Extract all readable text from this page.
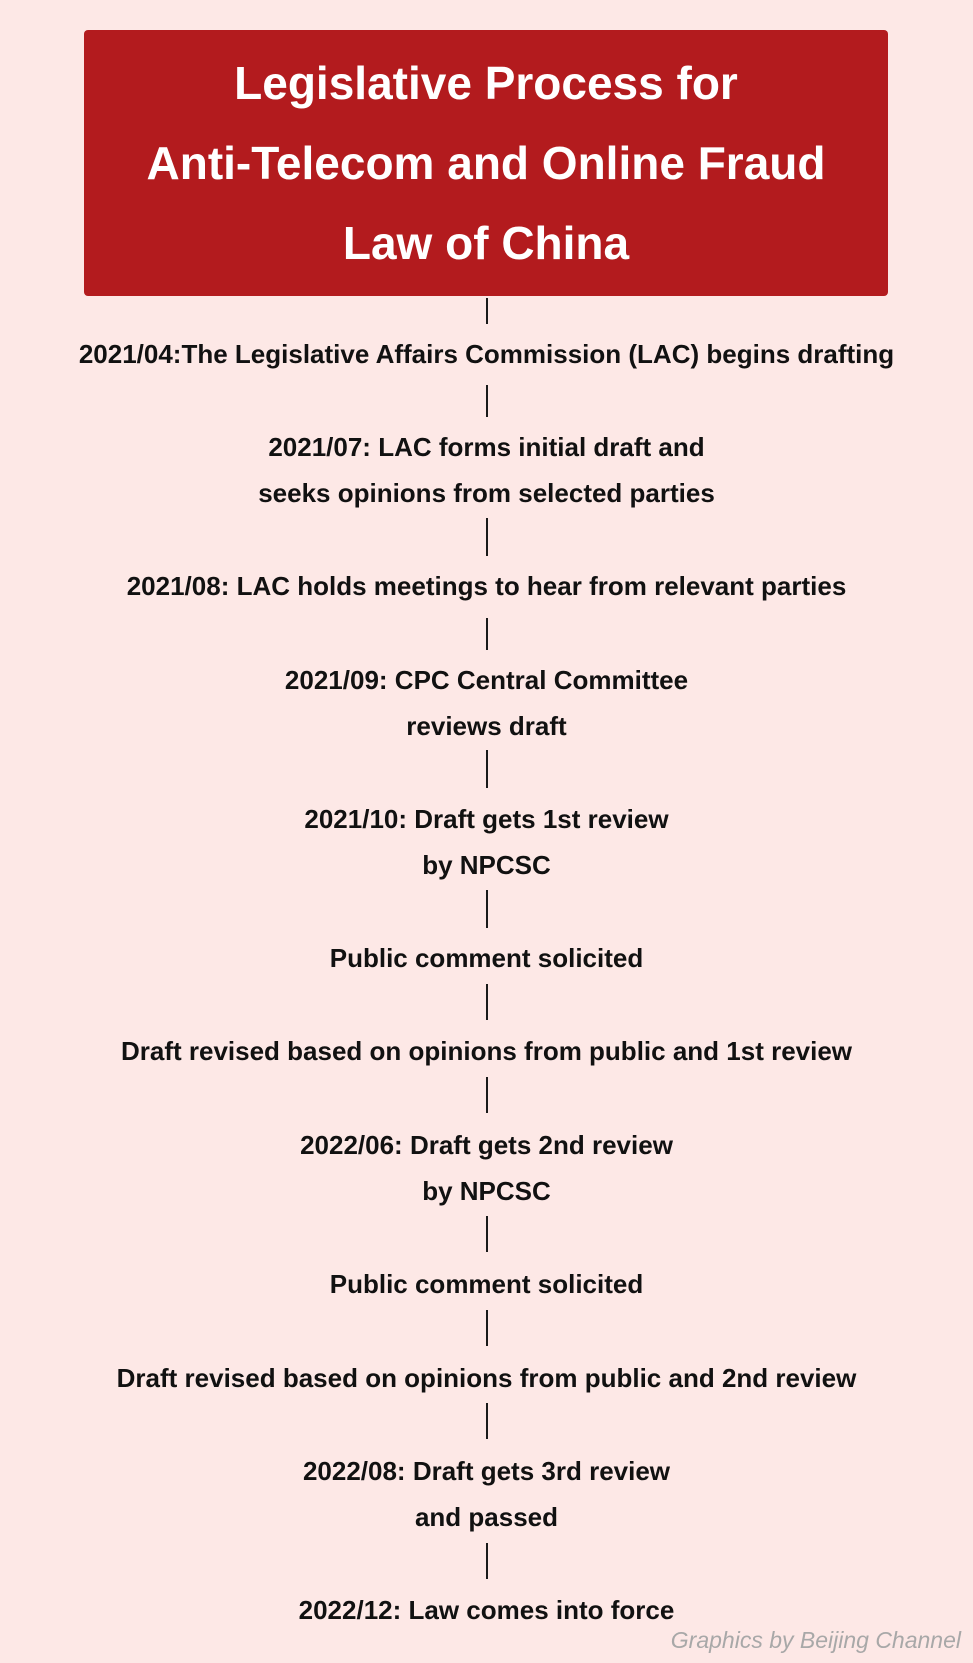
Legislative Process for
Anti-Telecom and Online Fraud
Law of China
2021/04:The Legislative Affairs Commission (LAC) begins drafting
2021/07: LAC forms initial draft and
seeks opinions from selected parties
2021/08: LAC holds meetings to hear from relevant parties
2021/09: CPC Central Committee
reviews draft
2021/10: Draft gets 1st review
by NPCSC
Public comment solicited
Draft revised based on opinions from public and 1st review
2022/06: Draft gets 2nd review
by NPCSC
Public comment solicited
Draft revised based on opinions from public and 2nd review
2022/08: Draft gets 3rd review
and passed
2022/12: Law comes into force
Graphics by Beijing Channel
